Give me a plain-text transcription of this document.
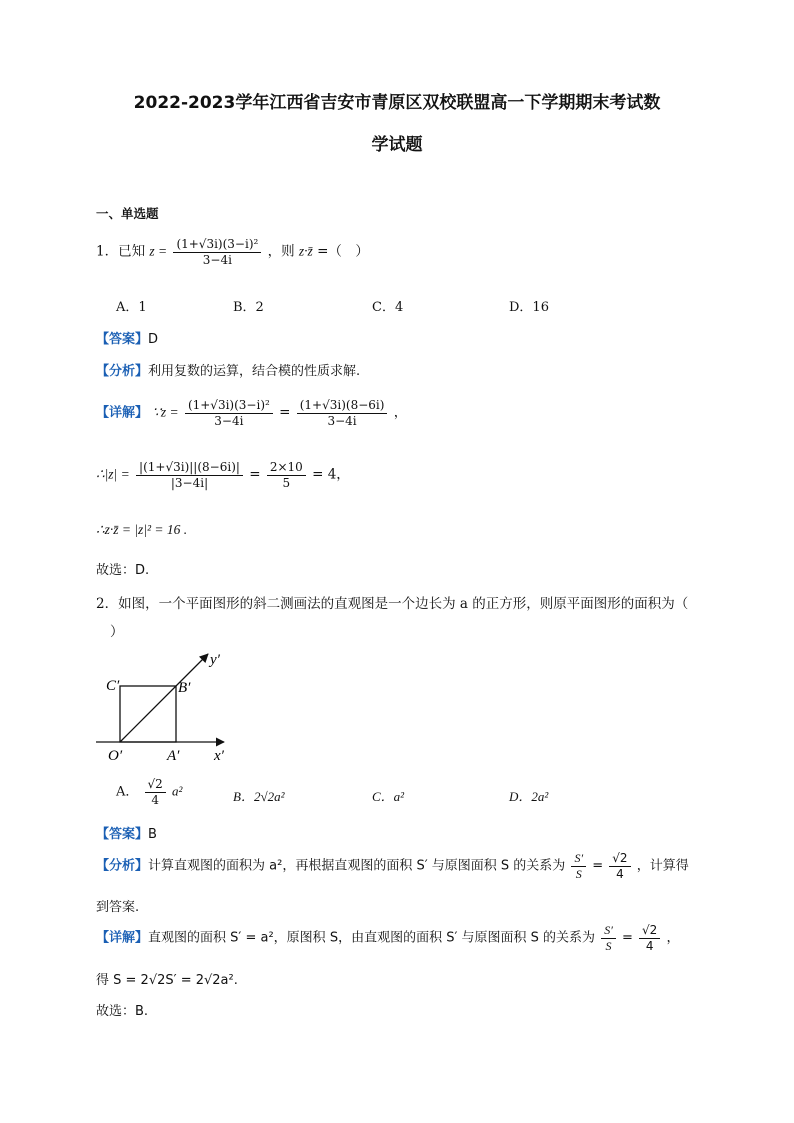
2022-2023学年江西省吉安市青原区双校联盟高一下学期期末考试数
学试题
一、单选题
1．已知 $z = \frac{\text{(1+√3i)(3−i)²}}{3-4i}$ ，则 z·z̄ =（　）
A．1	B．2	C．4	D．16
【答案】D
【分析】利用复数的运算，结合模的性质求解.
【详解】 ∵z = $\frac{\text{(1+√3i)(3−i)²}}{3-4i} = \frac{(1+√3i)(8-6i)}{3-4i}$ ，
∴|z| = $\frac{|(1+√3i)||(8-6i)|}{|3-4i|} = \frac{2\times 10}{5} = 4$，
∴z·z̄ = |z|² = 16 .
故选：D.
2．如图，一个平面图形的斜二测画法的直观图是一个边长为 a 的正方形，则原平面图形的面积为（
）
C′	B′
O′	A′ x′
y′
A． $\frac{√2}{4} a^2$	B．2√2a²	C．a²	D．2a²
【答案】B
【分析】计算直观图的面积为 a²，再根据直观图的面积 S′ 与原图面积 S 的关系为 $\frac{S'}{S} = \frac{√2}{4}$ ，计算得
到答案.
【详解】直观图的面积 S′ = a²，原图积 S，由直观图的面积 S′ 与原图面积 S 的关系为 $\frac{S'}{S} = \frac{√2}{4}$ ，
得 S = 2√2S′ = 2√2a².
故选：B.
